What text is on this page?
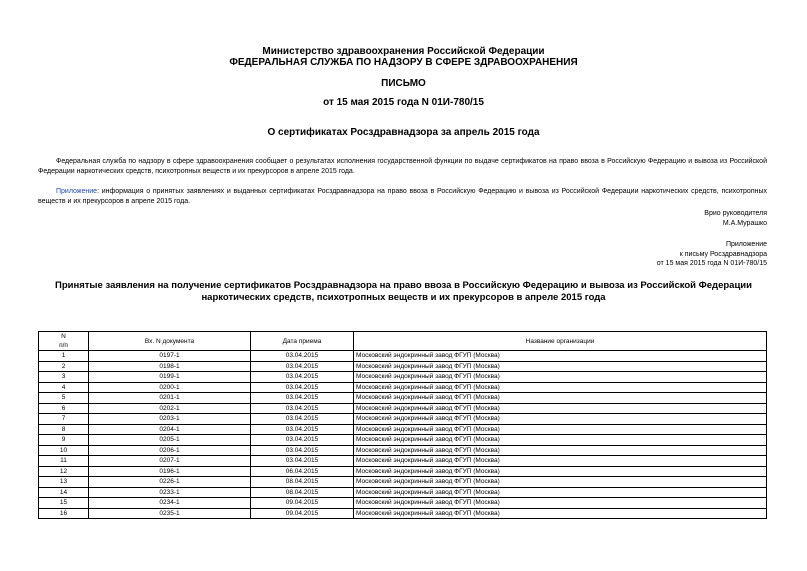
Министерство здравоохранения Российской Федерации
ФЕДЕРАЛЬНАЯ СЛУЖБА ПО НАДЗОРУ В СФЕРЕ ЗДРАВООХРАНЕНИЯ
ПИСЬМО
от 15 мая 2015 года N 01И-780/15
О сертификатах Росздравнадзора за апрель 2015 года
Федеральная служба по надзору в сфере здравоохранения сообщает о результатах исполнения государственной функции по выдаче сертификатов на право ввоза в Российскую Федерацию и вывоза из Российской Федерации наркотических средств, психотропных веществ и их прекурсоров в апреле 2015 года.
Приложение: информация о принятых заявлениях и выданных сертификатах Росздравнадзора на право ввоза в Российскую Федерацию и вывоза из Российской Федерации наркотических средств, психотропных веществ и их прекурсоров в апреле 2015 года.
Врио руководителя
М.А.Мурашко
Приложение
к письму Росздравнадзора
от 15 мая 2015 года N 01И-780/15
Принятые заявления на получение сертификатов Росздравнадзора на право ввоза в Российскую Федерацию и вывоза из Российской Федерации наркотических средств, психотропных веществ и их прекурсоров в апреле 2015 года
N
п/п	Вх. N документа	Дата приема	Название организации
1	0197-1	03.04.2015	Московский эндокринный завод ФГУП (Москва)
2	0198-1	03.04.2015	Московский эндокринный завод ФГУП (Москва)
3	0199-1	03.04.2015	Московский эндокринный завод ФГУП (Москва)
4	0200-1	03.04.2015	Московский эндокринный завод ФГУП (Москва)
5	0201-1	03.04.2015	Московский эндокринный завод ФГУП (Москва)
6	0202-1	03.04.2015	Московский эндокринный завод ФГУП (Москва)
7	0203-1	03.04.2015	Московский эндокринный завод ФГУП (Москва)
8	0204-1	03.04.2015	Московский эндокринный завод ФГУП (Москва)
9	0205-1	03.04.2015	Московский эндокринный завод ФГУП (Москва)
10	0206-1	03.04.2015	Московский эндокринный завод ФГУП (Москва)
11	0207-1	03.04.2015	Московский эндокринный завод ФГУП (Москва)
12	0196-1	06.04.2015	Московский эндокринный завод ФГУП (Москва)
13	0226-1	08.04.2015	Московский эндокринный завод ФГУП (Москва)
14	0233-1	08.04.2015	Московский эндокринный завод ФГУП (Москва)
15	0234-1	09.04.2015	Московский эндокринный завод ФГУП (Москва)
16	0235-1	09.04.2015	Московский эндокринный завод ФГУП (Москва)
